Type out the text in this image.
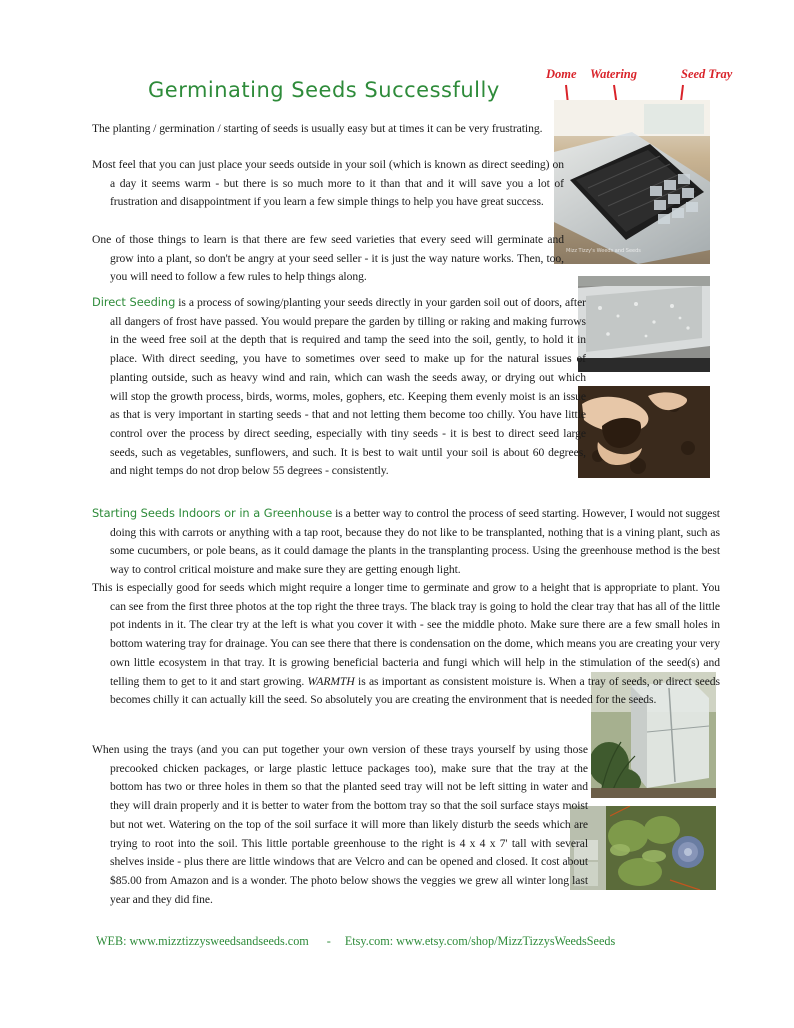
Germinating Seeds Successfully
Dome Watering	Seed Tray
Mizz Tizzy's Weeds and Seeds

The planting / germination / starting of seeds is usually easy but at times it can be very frustrating.

Most feel that you can just place your seeds outside in your soil (which is known as direct seeding) on a day it seems warm - but there is so much more to it than that and it will save you a lot of frustration and disappointment if you learn a few simple things to help you have great success.

One of those things to learn is that there are few seed varieties that every seed will germinate and grow into a plant, so don't be angry at your seed seller - it is just the way nature works. Then, too, you will need to follow a few rules to help things along.

Direct Seeding is a process of sowing/planting your seeds directly in your garden soil out of doors, after all dangers of frost have passed. You would prepare the garden by tilling or raking and making furrows in the weed free soil at the depth that is required and tamp the seed into the soil, gently, to hold it in place. With direct seeding, you have to sometimes over seed to make up for the natural issues of planting outside, such as heavy wind and rain, which can wash the seeds away, or drying out which will stop the growth process, birds, worms, moles, gophers, etc. Keeping them evenly moist is an issue as that is very important in starting seeds - that and not letting them become too chilly. You have little control over the process by direct seeding, especially with tiny seeds - it is best to direct seed large seeds, such as vegetables, sunflowers, and such. It is best to wait until your soil is about 60 degrees, and night temps do not drop below 55 degrees - consistently.

Starting Seeds Indoors or in a Greenhouse is a better way to control the process of seed starting. However, I would not suggest doing this with carrots or anything with a tap root, because they do not like to be transplanted, nothing that is a vining plant, such as some cucumbers, or pole beans, as it could damage the plants in the transplanting process. Using the greenhouse method is the best way to control critical moisture and make sure they are getting enough light.

This is especially good for seeds which might require a longer time to germinate and grow to a height that is appropriate to plant. You can see from the first three photos at the top right the three trays. The black tray is going to hold the clear tray that has all of the little pot indents in it. The clear try at the left is what you cover it with - see the middle photo. Make sure there are a few small holes in bottom watering tray for drainage. You can see there that there is condensation on the dome, which means you are creating your very own little ecosystem in that tray. It is growing beneficial bacteria and fungi which will help in the stimulation of the seed(s) and telling them to get to it and start growing. WARMTH is as important as consistent moisture is. When a tray of seeds, or direct seeds becomes chilly it can actually kill the seed. So absolutely you are creating the environment that is needed for the seeds.

When using the trays (and you can put together your own version of these trays yourself by using those precooked chicken packages, or large plastic lettuce packages too), make sure that the tray at the bottom has two or three holes in them so that the planted seed tray will not be left sitting in water and they will drain properly and it is better to water from the bottom tray so that the soil surface stays moist but not wet. Watering on the top of the soil surface it will more than likely disturb the seeds which are trying to root into the soil. This little portable greenhouse to the right is 4 x 4 x 7' tall with several shelves inside - plus there are little windows that are Velcro and can be opened and closed. It cost about $85.00 from Amazon and is a wonder. The photo below shows the veggies we grew all winter long last year and they did fine.

WEB: www.mizztizzysweedsandseeds.com - Etsy.com: www.etsy.com/shop/MizzTizzysWeedsSeeds
